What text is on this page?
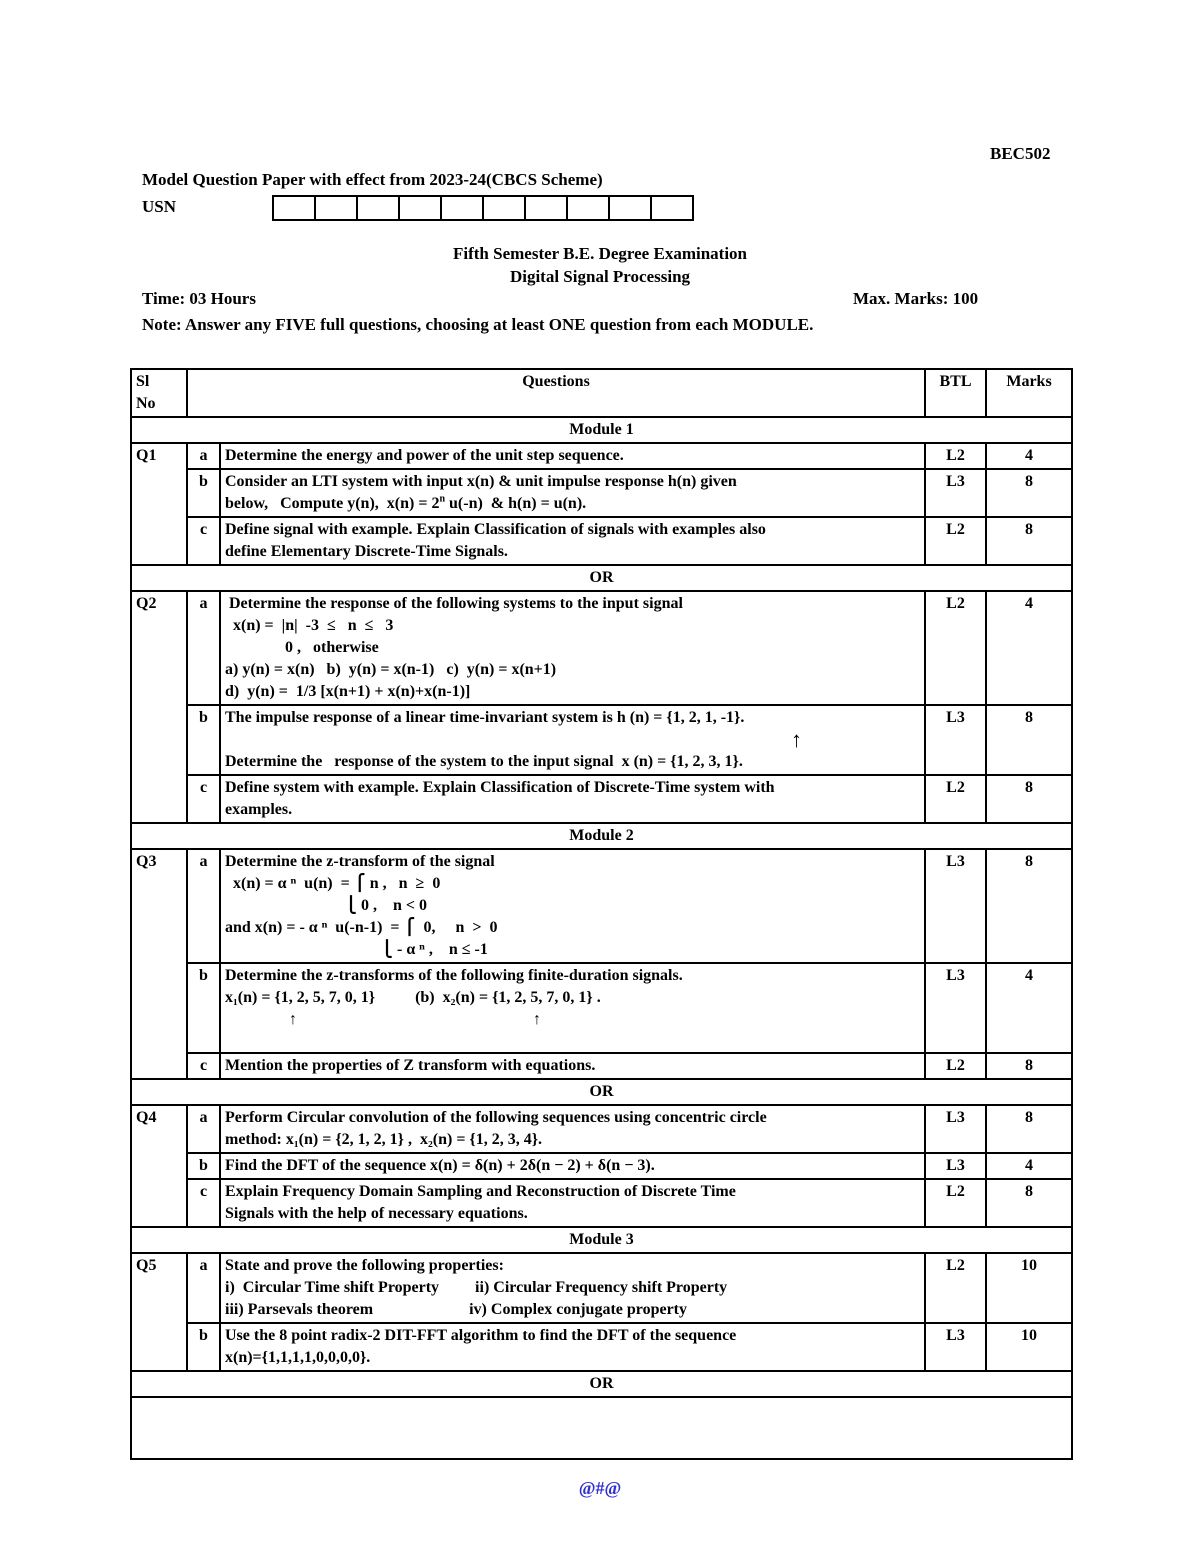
BEC502
Model Question Paper with effect from 2023-24(CBCS Scheme)
USN
Fifth Semester B.E. Degree Examination
Digital Signal Processing
Time: 03 Hours	Max. Marks: 100
Note: Answer any FIVE full questions, choosing at least ONE question from each MODULE.
Sl
No	Questions		BTL	Marks
Module 1				
Q1	a	Determine the energy and power of the unit step sequence.	L2	4
	b	Consider an LTI system with input x(n) & unit impulse response h(n) given
below,   Compute y(n),  $x(n) = 2^n$ u(-n)  & h(n) = u(n).	L3	8
	c	Define signal with example. Explain Classification of signals with examples also
define Elementary Discrete-Time Signals.	L2	8
OR				
Q2	a	Determine the response of the following systems to the input signal
x(n) =  |n|  -3  ≤   n  ≤   3
0 ,   otherwise
a) y(n) = x(n)   b)  y(n) = x(n-1)   c)  y(n) = x(n+1)
d)  y(n) =  1/3 [x(n+1) + x(n)+x(n-1)]	L2	4
	b	The impulse response of a linear time-invariant system is h (n) = {1, 2, 1, -1}.
↑
Determine the   response of the system to the input signal  x (n) = {1, 2, 3, 1}.	L3	8
	c	Define system with example. Explain Classification of Discrete-Time system with
examples.	L2	8
Module 2				
Q3	a	Determine the z-transform of the signal
x(n) = α ⁿ  u(n)  = ⎧ n ,   n  ≥  0
⎩ 0 ,    n < 0
and x(n) = - α ⁿ  u(-n-1)  = ⎧  0,     n  >  0
⎩ - α ⁿ ,    n ≤ -1	L3	8
	b	Determine the z-transforms of the following finite-duration signals.
x₁(n) = {1, 2, 5, 7, 0, 1}          (b)  x₂(n) = {1, 2, 5, 7, 0, 1} .
↑                                                           ↑	L3	4
	c	Mention the properties of Z transform with equations.	L2	8
OR				
Q4	a	Perform Circular convolution of the following sequences using concentric circle
method: x₁(n) = {2, 1, 2, 1} ,  x₂(n) = {1, 2, 3, 4}.	L3	8
	b	Find the DFT of the sequence x(n) = δ(n) + 2δ(n − 2) + δ(n − 3).	L3	4
	c	Explain Frequency Domain Sampling and Reconstruction of Discrete Time
Signals with the help of necessary equations.	L2	8
Module 3				
Q5	a	State and prove the following properties:
i)  Circular Time shift Property         ii) Circular Frequency shift Property
iii) Parsevals theorem                        iv) Complex conjugate property	L2	10
	b	Use the 8 point radix-2 DIT-FFT algorithm to find the DFT of the sequence
x(n)={1,1,1,1,0,0,0,0}.	L3	10
OR				

@#@
